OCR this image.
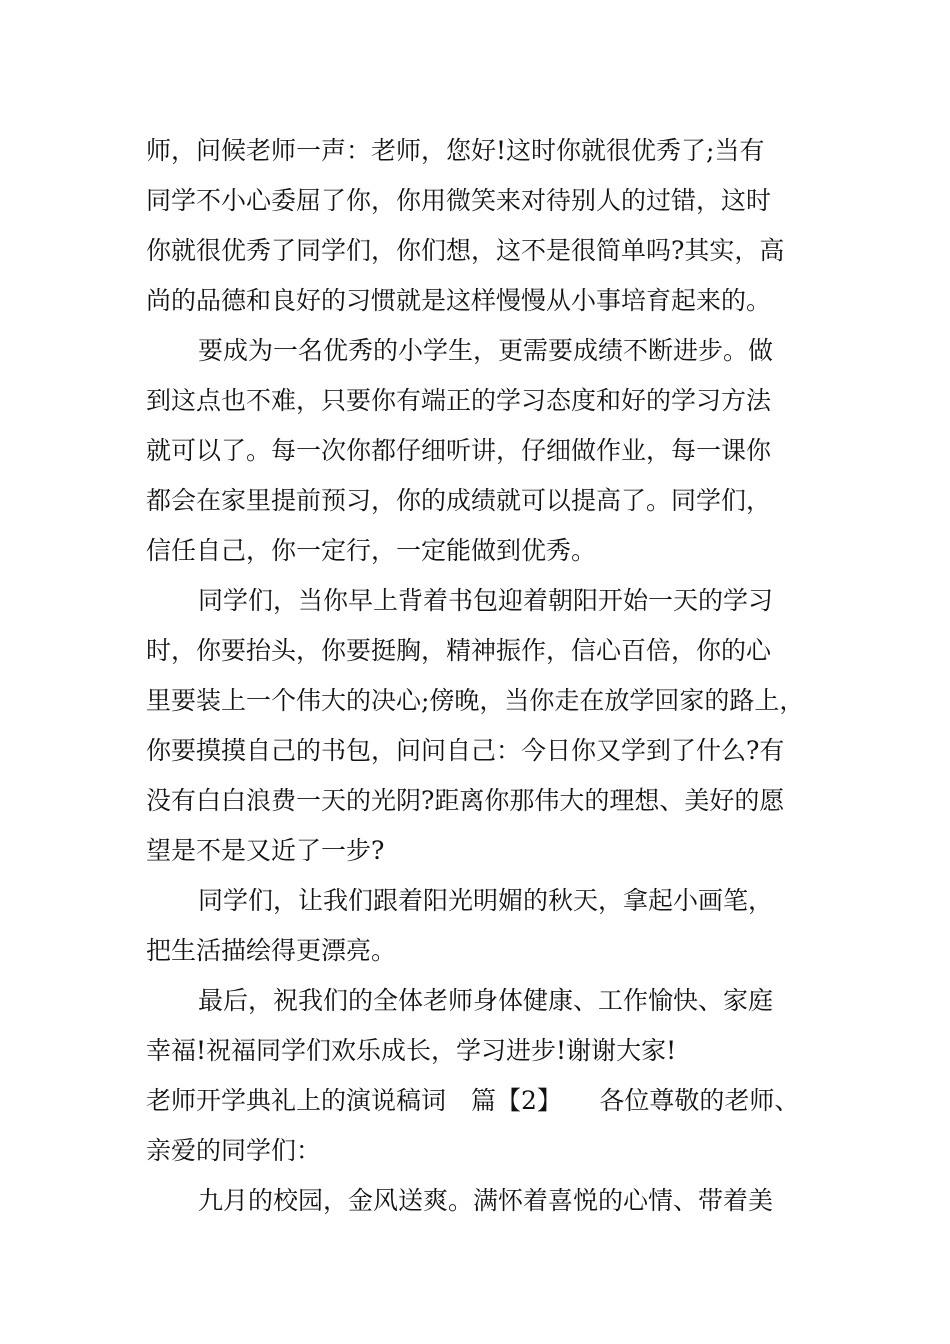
师，问候老师一声：老师，您好!这时你就很优秀了;当有
同学不小心委屈了你，你用微笑来对待别人的过错，这时
你就很优秀了同学们，你们想，这不是很简单吗?其实，高
尚的品德和良好的习惯就是这样慢慢从小事培育起来的。
要成为一名优秀的小学生，更需要成绩不断进步。做
到这点也不难，只要你有端正的学习态度和好的学习方法
就可以了。每一次你都仔细听讲，仔细做作业，每一课你
都会在家里提前预习，你的成绩就可以提高了。同学们，
信任自己，你一定行，一定能做到优秀。
同学们，当你早上背着书包迎着朝阳开始一天的学习
时，你要抬头，你要挺胸，精神振作，信心百倍，你的心
里要装上一个伟大的决心;傍晚，当你走在放学回家的路上，
你要摸摸自己的书包，问问自己：今日你又学到了什么?有
没有白白浪费一天的光阴?距离你那伟大的理想、美好的愿
望是不是又近了一步?
同学们，让我们跟着阳光明媚的秋天，拿起小画笔，
把生活描绘得更漂亮。
最后，祝我们的全体老师身体健康、工作愉快、家庭
幸福!祝福同学们欢乐成长，学习进步!谢谢大家!
老师开学典礼上的演说稿词　篇【2】　　各位尊敬的老师、
亲爱的同学们：
九月的校园，金风送爽。满怀着喜悦的心情、带着美
